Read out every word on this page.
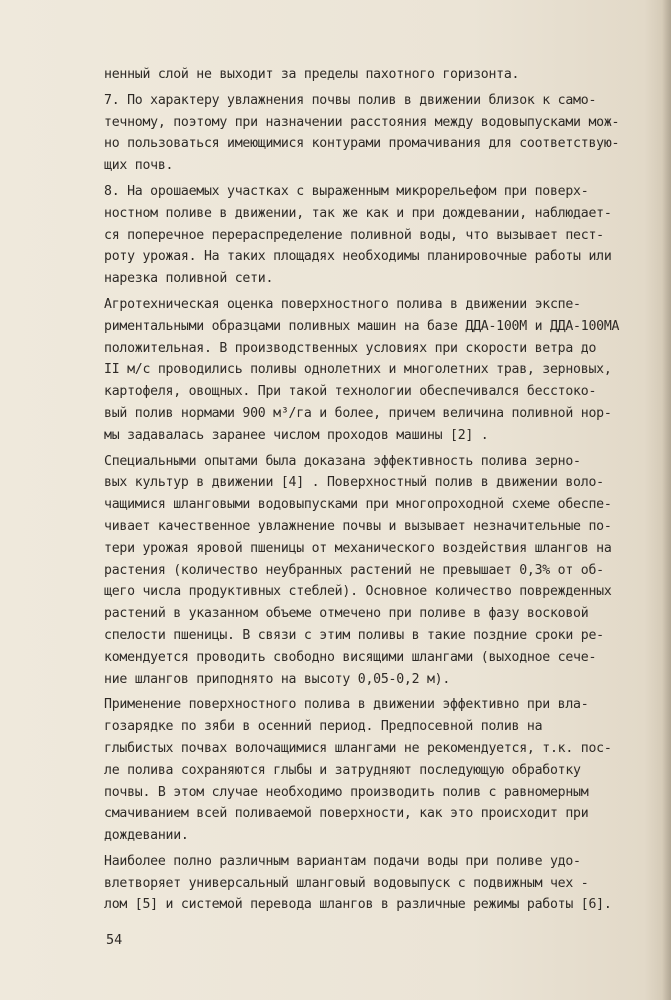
ненный слой не выходит за пределы пахотного горизонта.
7. По характеру увлажнения почвы полив в движении близок к само-
течному, поэтому при назначении расстояния между водовыпусками мож-
но пользоваться имеющимися контурами промачивания для соответствую-
щих почв.
8. На орошаемых участках с выраженным микрорельефом при поверх-
ностном поливе в движении, так же как и при дождевании, наблюдает-
ся поперечное перераспределение поливной воды, что вызывает пест-
роту урожая. На таких площадях необходимы планировочные работы или
нарезка поливной сети.
Агротехническая оценка поверхностного полива в движении экспе-
риментальными образцами поливных машин на базе ДДА-100М и ДДА-100МА
положительная. В производственных условиях при скорости ветра до
II м/с проводились поливы однолетних и многолетних трав, зерновых,
картофеля, овощных. При такой технологии обеспечивался бесстоко-
вый полив нормами 900 м³/га и более, причем величина поливной нор-
мы задавалась заранее числом проходов машины [2] .
Специальными опытами была доказана эффективность полива зерно-
вых культур в движении [4] . Поверхностный полив в движении воло-
чащимися шланговыми водовыпусками при многопроходной схеме обеспе-
чивает качественное увлажнение почвы и вызывает незначительные по-
тери урожая яровой пшеницы от механического воздействия шлангов на
растения (количество неубранных растений не превышает 0,3% от об-
щего числа продуктивных стеблей). Основное количество поврежденных
растений в указанном объеме отмечено при поливе в фазу восковой
спелости пшеницы. В связи с этим поливы в такие поздние сроки ре-
комендуется проводить свободно висящими шлангами (выходное сече-
ние шлангов приподнято на высоту 0,05-0,2 м).
Применение поверхностного полива в движении эффективно при вла-
гозарядке по зяби в осенний период. Предпосевной полив на
глыбистых почвах волочащимися шлангами не рекомендуется, т.к. пос-
ле полива сохраняются глыбы и затрудняют последующую обработку
почвы. В этом случае необходимо производить полив с равномерным
смачиванием всей поливаемой поверхности, как это происходит при
дождевании.
Наиболее полно различным вариантам подачи воды при поливе удо-
влетворяет универсальный шланговый водовыпуск с подвижным чех -
лом [5] и системой перевода шлангов в различные режимы работы [6].
54
